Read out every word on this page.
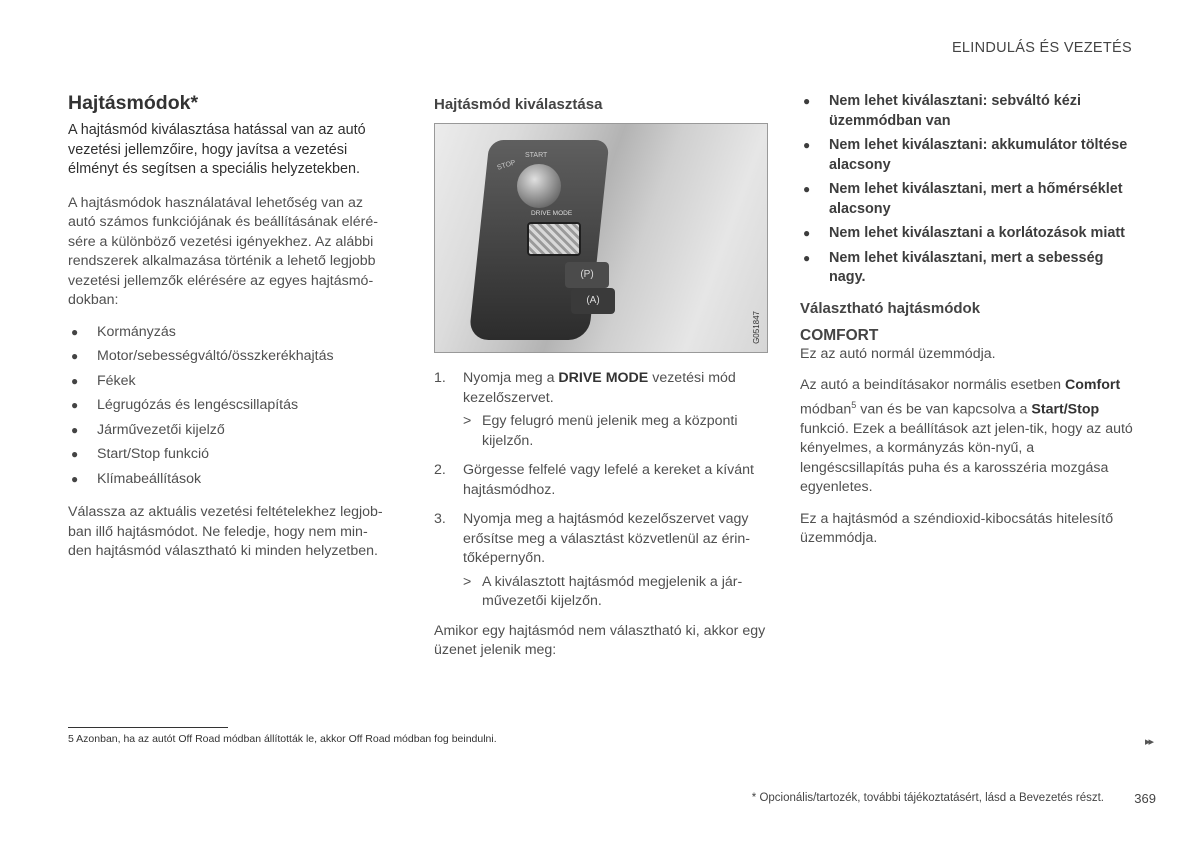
ELINDULÁS ÉS VEZETÉS
Hajtásmódok*

A hajtásmód kiválasztása hatással van az autó vezetési jellemzőire, hogy javítsa a vezetési élményt és segítsen a speciális helyzetekben.

A hajtásmódok használatával lehetőség van az autó számos funkciójának és beállításának eléré-sére a különböző vezetési igényekhez. Az alábbi rendszerek alkalmazása történik a lehető legjobb vezetési jellemzők elérésére az egyes hajtásmó-dokban:

● Kormányzás
● Motor/sebességváltó/összkerékhajtás
● Fékek
● Légrugózás és lengéscsillapítás
● Járművezetői kijelző
● Start/Stop funkció
● Klímabeállítások

Válassza az aktuális vezetési feltételekhez legjob-ban illő hajtásmódot. Ne feledje, hogy nem min-den hajtásmód választható ki minden helyzetben.

Hajtásmód kiválasztása
STOP
START
DRIVE MODE
(P)
(A)
G051847
1. Nyomja meg a DRIVE MODE vezetési mód kezelőszervet.
> Egy felugró menü jelenik meg a központi kijelzőn.
2. Görgesse felfelé vagy lefelé a kereket a kívánt hajtásmódhoz.
3. Nyomja meg a hajtásmód kezelőszervet vagy erősítse meg a választást közvetlenül az érin-tőképernyőn.
> A kiválasztott hajtásmód megjelenik a jár-művezetői kijelzőn.

Amikor egy hajtásmód nem választható ki, akkor egy üzenet jelenik meg:

● Nem lehet kiválasztani: sebváltó kézi üzemmódban van
● Nem lehet kiválasztani: akkumulátor töltése alacsony
● Nem lehet kiválasztani, mert a hőmérséklet alacsony
● Nem lehet kiválasztani a korlátozások miatt
● Nem lehet kiválasztani, mert a sebesség nagy.
Választható hajtásmódok
COMFORT

Ez az autó normál üzemmódja.

Az autó a beindításakor normális esetben Comfort módban$^5$ van és be van kapcsolva a Start/Stop funkció. Ezek a beállítások azt jelen-tik, hogy az autó kényelmes, a kormányzás kön-nyű, a lengéscsillapítás puha és a karosszéria mozgása egyenletes.

Ez a hajtásmód a széndioxid-kibocsátás hitelesítő üzemmódja.

5 Azonban, ha az autót Off Road módban állították le, akkor Off Road módban fog beindulni.	▸▸
* Opcionális/tartozék, további tájékoztatásért, lásd a Bevezetés részt. 369
